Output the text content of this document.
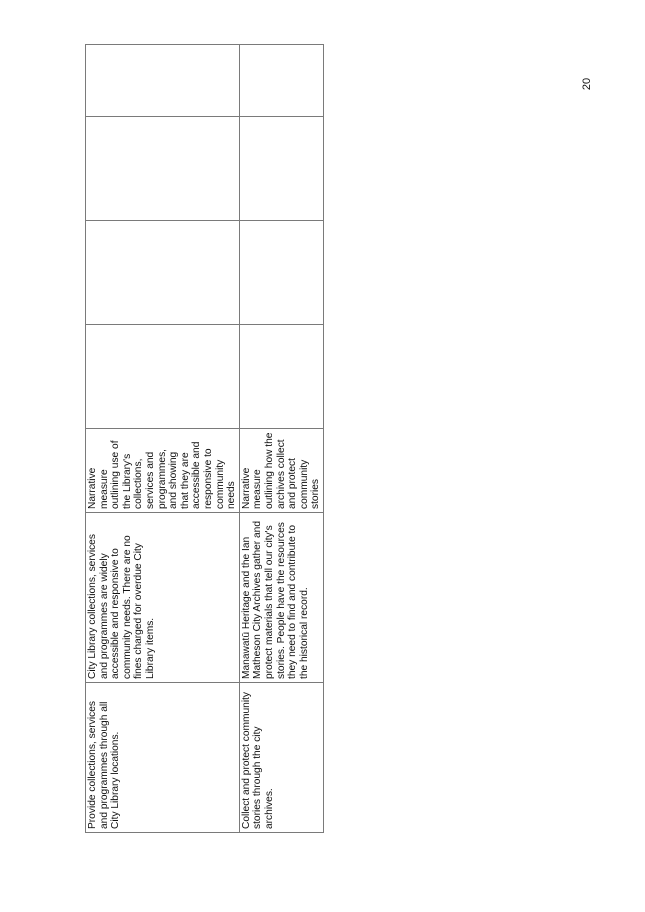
20
Provide collections, services and programmes through all City Library locations.	City Library collections, services and programmes are widely accessible and responsive to community needs. There are no fines charged for overdue City Library items.	Narrative measure outlining use of the Library's collections, services and programmes, and showing that they are accessible and responsive to community needs				
Collect and protect community stories through the city archives.	Manawatū Heritage and the Ian Matheson City Archives gather and protect materials that tell our city's stories. People have the resources they need to find and contribute to the historical record.	Narrative measure outlining how the archives collect and protect community stories				
